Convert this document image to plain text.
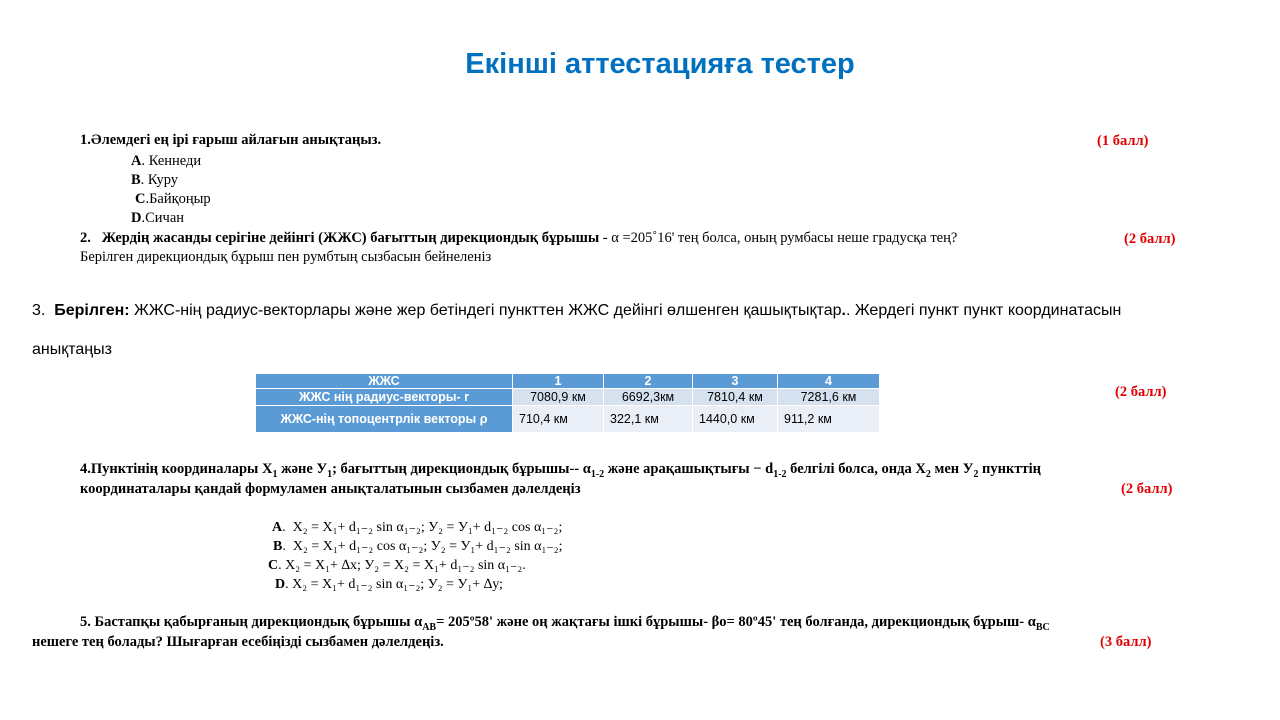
Екінші аттестацияға тестер
1.Әлемдегі ең ірі ғарыш айлағын анықтаңыз.	(1 балл)
A. Кеннеди
B. Куру
C.Байқоңыр
D.Сичан
2. Жердің жасанды серігіне дейінгі (ЖЖС) бағыттың дирекциондық бұрышы - α =205˚16' тең болса, оның румбасы неше градусқа тең?	(2 балл)
Берілген дирекциондық бұрыш пен румбтың сызбасын бейнеленіз
3.  Берілген: ЖЖС-нің радиус-векторлары және жер бетіндегі пункттен ЖЖС дейінгі өлшенген қашықтықтар.. Жердегі пункт пункт координатасын
анықтаңыз
(2 балл)
ЖЖС	1	2	3	4
ЖЖС нің радиус-векторы- r	7080,9 км	6692,3км	7810,4 км	7281,6 км
ЖЖС-нің топоцентрлік векторы ρ	710,4 км	322,1 км	1440,0 км	911,2 км
4.Пунктінің координалары $X_1$ және $У_1$; бағыттың дирекциондық бұрышы-- $\alpha_{1-2}$ және арақашықтығы − $d_{1-2}$ белгілі болса, онда $X_2$ мен $У_2$ пункттің
координаталары қандай формуламен анықталатынын сызбамен дәлелдеңіз	(2 балл)
A.  X₂ = X₁+ d₁₋₂ sin α₁₋₂; У₂ = У₁+ d₁₋₂ cos α₁₋₂;
B.  X₂ = X₁+ d₁₋₂ cos α₁₋₂; У₂ = У₁+ d₁₋₂ sin α₁₋₂;
C. X₂ = X₁+ ∆x; У₂ = X₂ = X₁+ d₁₋₂ sin α₁₋₂.
D. X₂ = X₁+ d₁₋₂ sin α₁₋₂; У₂ = У₁+ ∆у;
5. Бастапқы қабырғаның дирекциондық бұрышы $\alpha_{AB}=$ 205º58' және оң жақтағы ішкі бұрышы- βo= 80º45' тең болғанда, дирекциондық бұрыш- $\alpha_{BC}$
нешеге тең болады? Шығарған есебіңізді сызбамен дәлелдеңіз.	(3 балл)
